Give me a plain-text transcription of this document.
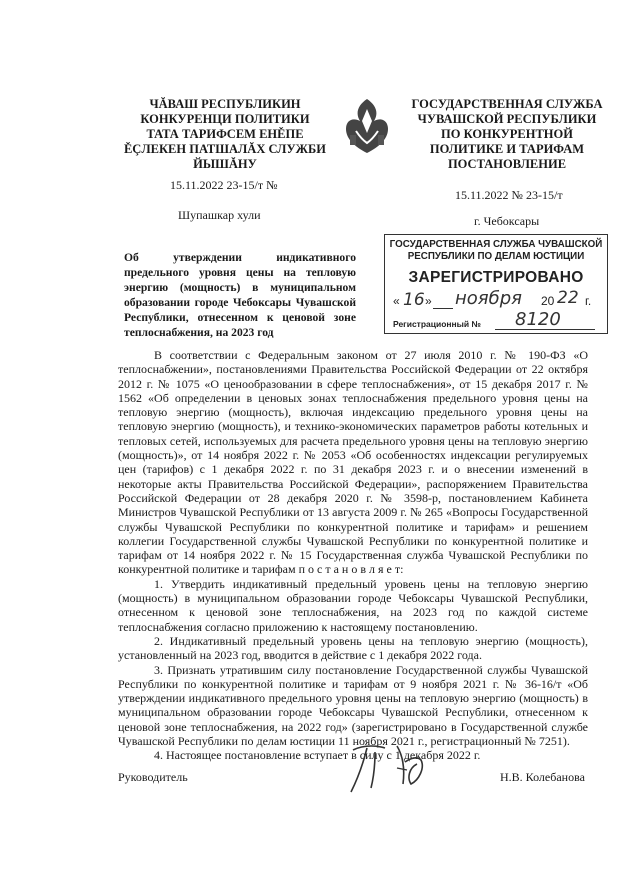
ЧĂВАШ РЕСПУБЛИКИН
КОНКУРЕНЦИ ПОЛИТИКИ
ТАТА ТАРИФСЕМ ЕНĚПЕ
ĚÇЛЕКЕН ПАТШАЛĂХ СЛУЖБИ
ЙЫШĂНУ
ГОСУДАРСТВЕННАЯ СЛУЖБА
ЧУВАШСКОЙ РЕСПУБЛИКИ
ПО КОНКУРЕНТНОЙ
ПОЛИТИКЕ И ТАРИФАМ
ПОСТАНОВЛЕНИЕ
15.11.2022 23-15/т №
15.11.2022 № 23-15/т
Шупашкар хули	г. Чебоксары
Об утверждении индикативного предельного уровня цены на тепловую энергию (мощность) в муниципальном образовании городе Чебоксары Чувашской Республики, отнесенном к ценовой зоне теплоснабжения, на 2023 год
ГОСУДАРСТВЕННАЯ СЛУЖБА ЧУВАШСКОЙ РЕСПУБЛИКИ ПО ДЕЛАМ ЮСТИЦИИ
ЗАРЕГИСТРИРОВАНО
« 16 » ноября 20 22 г.
Регистрационный № 8120

В соответствии с Федеральным законом от 27 июля 2010 г. № 190-ФЗ «О теплоснабжении», постановлениями Правительства Российской Федерации от 22 октября 2012 г. № 1075 «О ценообразовании в сфере теплоснабжения», от 15 декабря 2017 г. № 1562 «Об определении в ценовых зонах теплоснабжения предельного уровня цены на тепловую энергию (мощность), включая индексацию предельного уровня цены на тепловую энергию (мощность), и технико-экономических параметров работы котельных и тепловых сетей, используемых для расчета предельного уровня цены на тепловую энергию (мощность)», от 14 ноября 2022 г. № 2053 «Об особенностях индексации регулируемых цен (тарифов) с 1 декабря 2022 г. по 31 декабря 2023 г. и о внесении изменений в некоторые акты Правительства Российской Федерации», распоряжением Правительства Российской Федерации от 28 декабря 2020 г. № 3598-р, постановлением Кабинета Министров Чувашской Республики от 13 августа 2009 г. № 265 «Вопросы Государственной службы Чувашской Республики по конкурентной политике и тарифам» и решением коллегии Государственной службы Чувашской Республики по конкурентной политике и тарифам от 14 ноября 2022 г. № 15 Государственная служба Чувашской Республики по конкурентной политике и тарифам п о с т а н о в л я е т:

1. Утвердить индикативный предельный уровень цены на тепловую энергию (мощность) в муниципальном образовании городе Чебоксары Чувашской Республики, отнесенном к ценовой зоне теплоснабжения, на 2023 год по каждой системе теплоснабжения согласно приложению к настоящему постановлению.

2. Индикативный предельный уровень цены на тепловую энергию (мощность), установленный на 2023 год, вводится в действие с 1 декабря 2022 года.

3. Признать утратившим силу постановление Государственной службы Чувашской Республики по конкурентной политике и тарифам от 9 ноября 2021 г. № 36-16/т «Об утверждении индикативного предельного уровня цены на тепловую энергию (мощность) в муниципальном образовании городе Чебоксары Чувашской Республики, отнесенном к ценовой зоне теплоснабжения, на 2022 год» (зарегистрировано в Государственной службе Чувашской Республики по делам юстиции 11 ноября 2021 г., регистрационный № 7251).

4. Настоящее постановление вступает в силу с 1 декабря 2022 г.

Руководитель	Н.В. Колебанова
